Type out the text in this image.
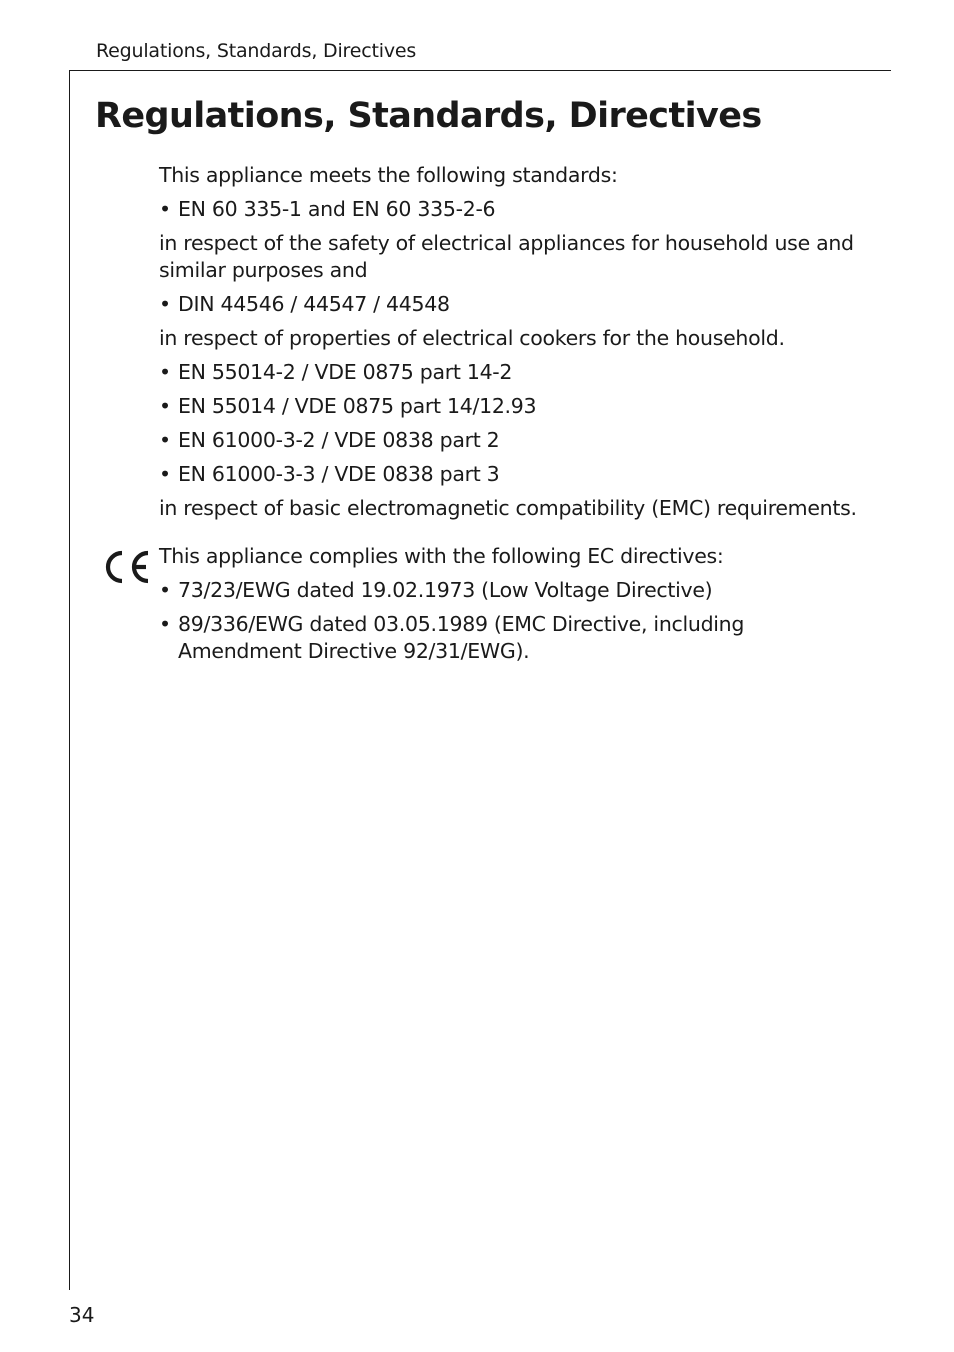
Regulations, Standards, Directives
Regulations, Standards, Directives

This appliance meets the following standards:

• EN 60 335-1 and EN 60 335-2-6

in respect of the safety of electrical appliances for household use and similar purposes and

• DIN 44546 / 44547 / 44548

in respect of properties of electrical cookers for the household.

• EN 55014-2 / VDE 0875 part 14-2

• EN 55014 / VDE 0875 part 14/12.93

• EN 61000-3-2 / VDE 0838 part 2

• EN 61000-3-3 / VDE 0838 part 3

in respect of basic electromagnetic compatibility (EMC) requirements.

This appliance complies with the following EC directives:

• 73/23/EWG dated 19.02.1973 (Low Voltage Directive)

• 89/336/EWG dated 03.05.1989 (EMC Directive, including Amendment Directive 92/31/EWG).

34
